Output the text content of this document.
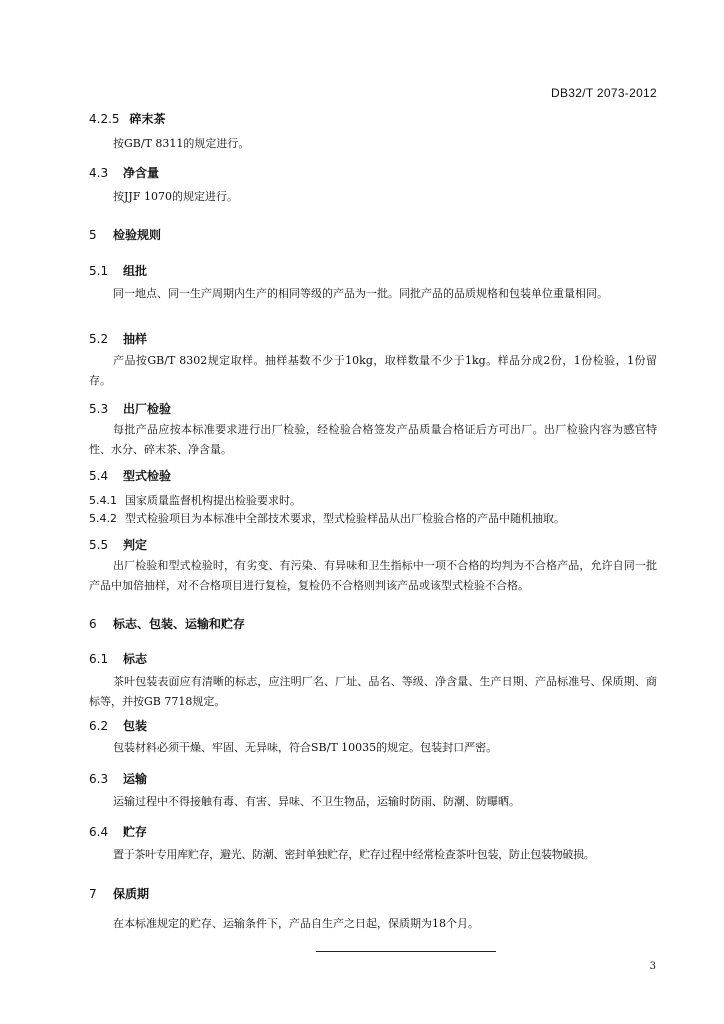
DB32/T 2073-2012
4.2.5 碎末茶
按GB/T 8311的规定进行。
4.3 净含量
按JJF 1070的规定进行。
5 检验规则
5.1 组批
同一地点、同一生产周期内生产的相同等级的产品为一批。同批产品的品质规格和包装单位重量相同。
5.2 抽样
产品按GB/T 8302规定取样。抽样基数不少于10kg，取样数量不少于1kg。样品分成2份，1份检验，1份留存。
5.3 出厂检验
每批产品应按本标准要求进行出厂检验，经检验合格签发产品质量合格证后方可出厂。出厂检验内容为感官特性、水分、碎末茶、净含量。
5.4 型式检验
5.4.1 国家质量监督机构提出检验要求时。
5.4.2 型式检验项目为本标准中全部技术要求，型式检验样品从出厂检验合格的产品中随机抽取。
5.5 判定
出厂检验和型式检验时，有劣变、有污染、有异味和卫生指标中一项不合格的均判为不合格产品，允许自同一批产品中加倍抽样，对不合格项目进行复检，复检仍不合格则判该产品或该型式检验不合格。
6 标志、包装、运输和贮存
6.1 标志
茶叶包装表面应有清晰的标志，应注明厂名、厂址、品名、等级、净含量、生产日期、产品标准号、保质期、商标等，并按GB 7718规定。
6.2 包装
包装材料必须干燥、牢固、无异味，符合SB/T 10035的规定。包装封口严密。
6.3 运输
运输过程中不得接触有毒、有害、异味、不卫生物品，运输时防雨、防潮、防曝晒。
6.4 贮存
置于茶叶专用库贮存，避光、防潮、密封单独贮存，贮存过程中经常检查茶叶包装，防止包装物破损。
7 保质期
在本标准规定的贮存、运输条件下，产品自生产之日起，保质期为18个月。
3
